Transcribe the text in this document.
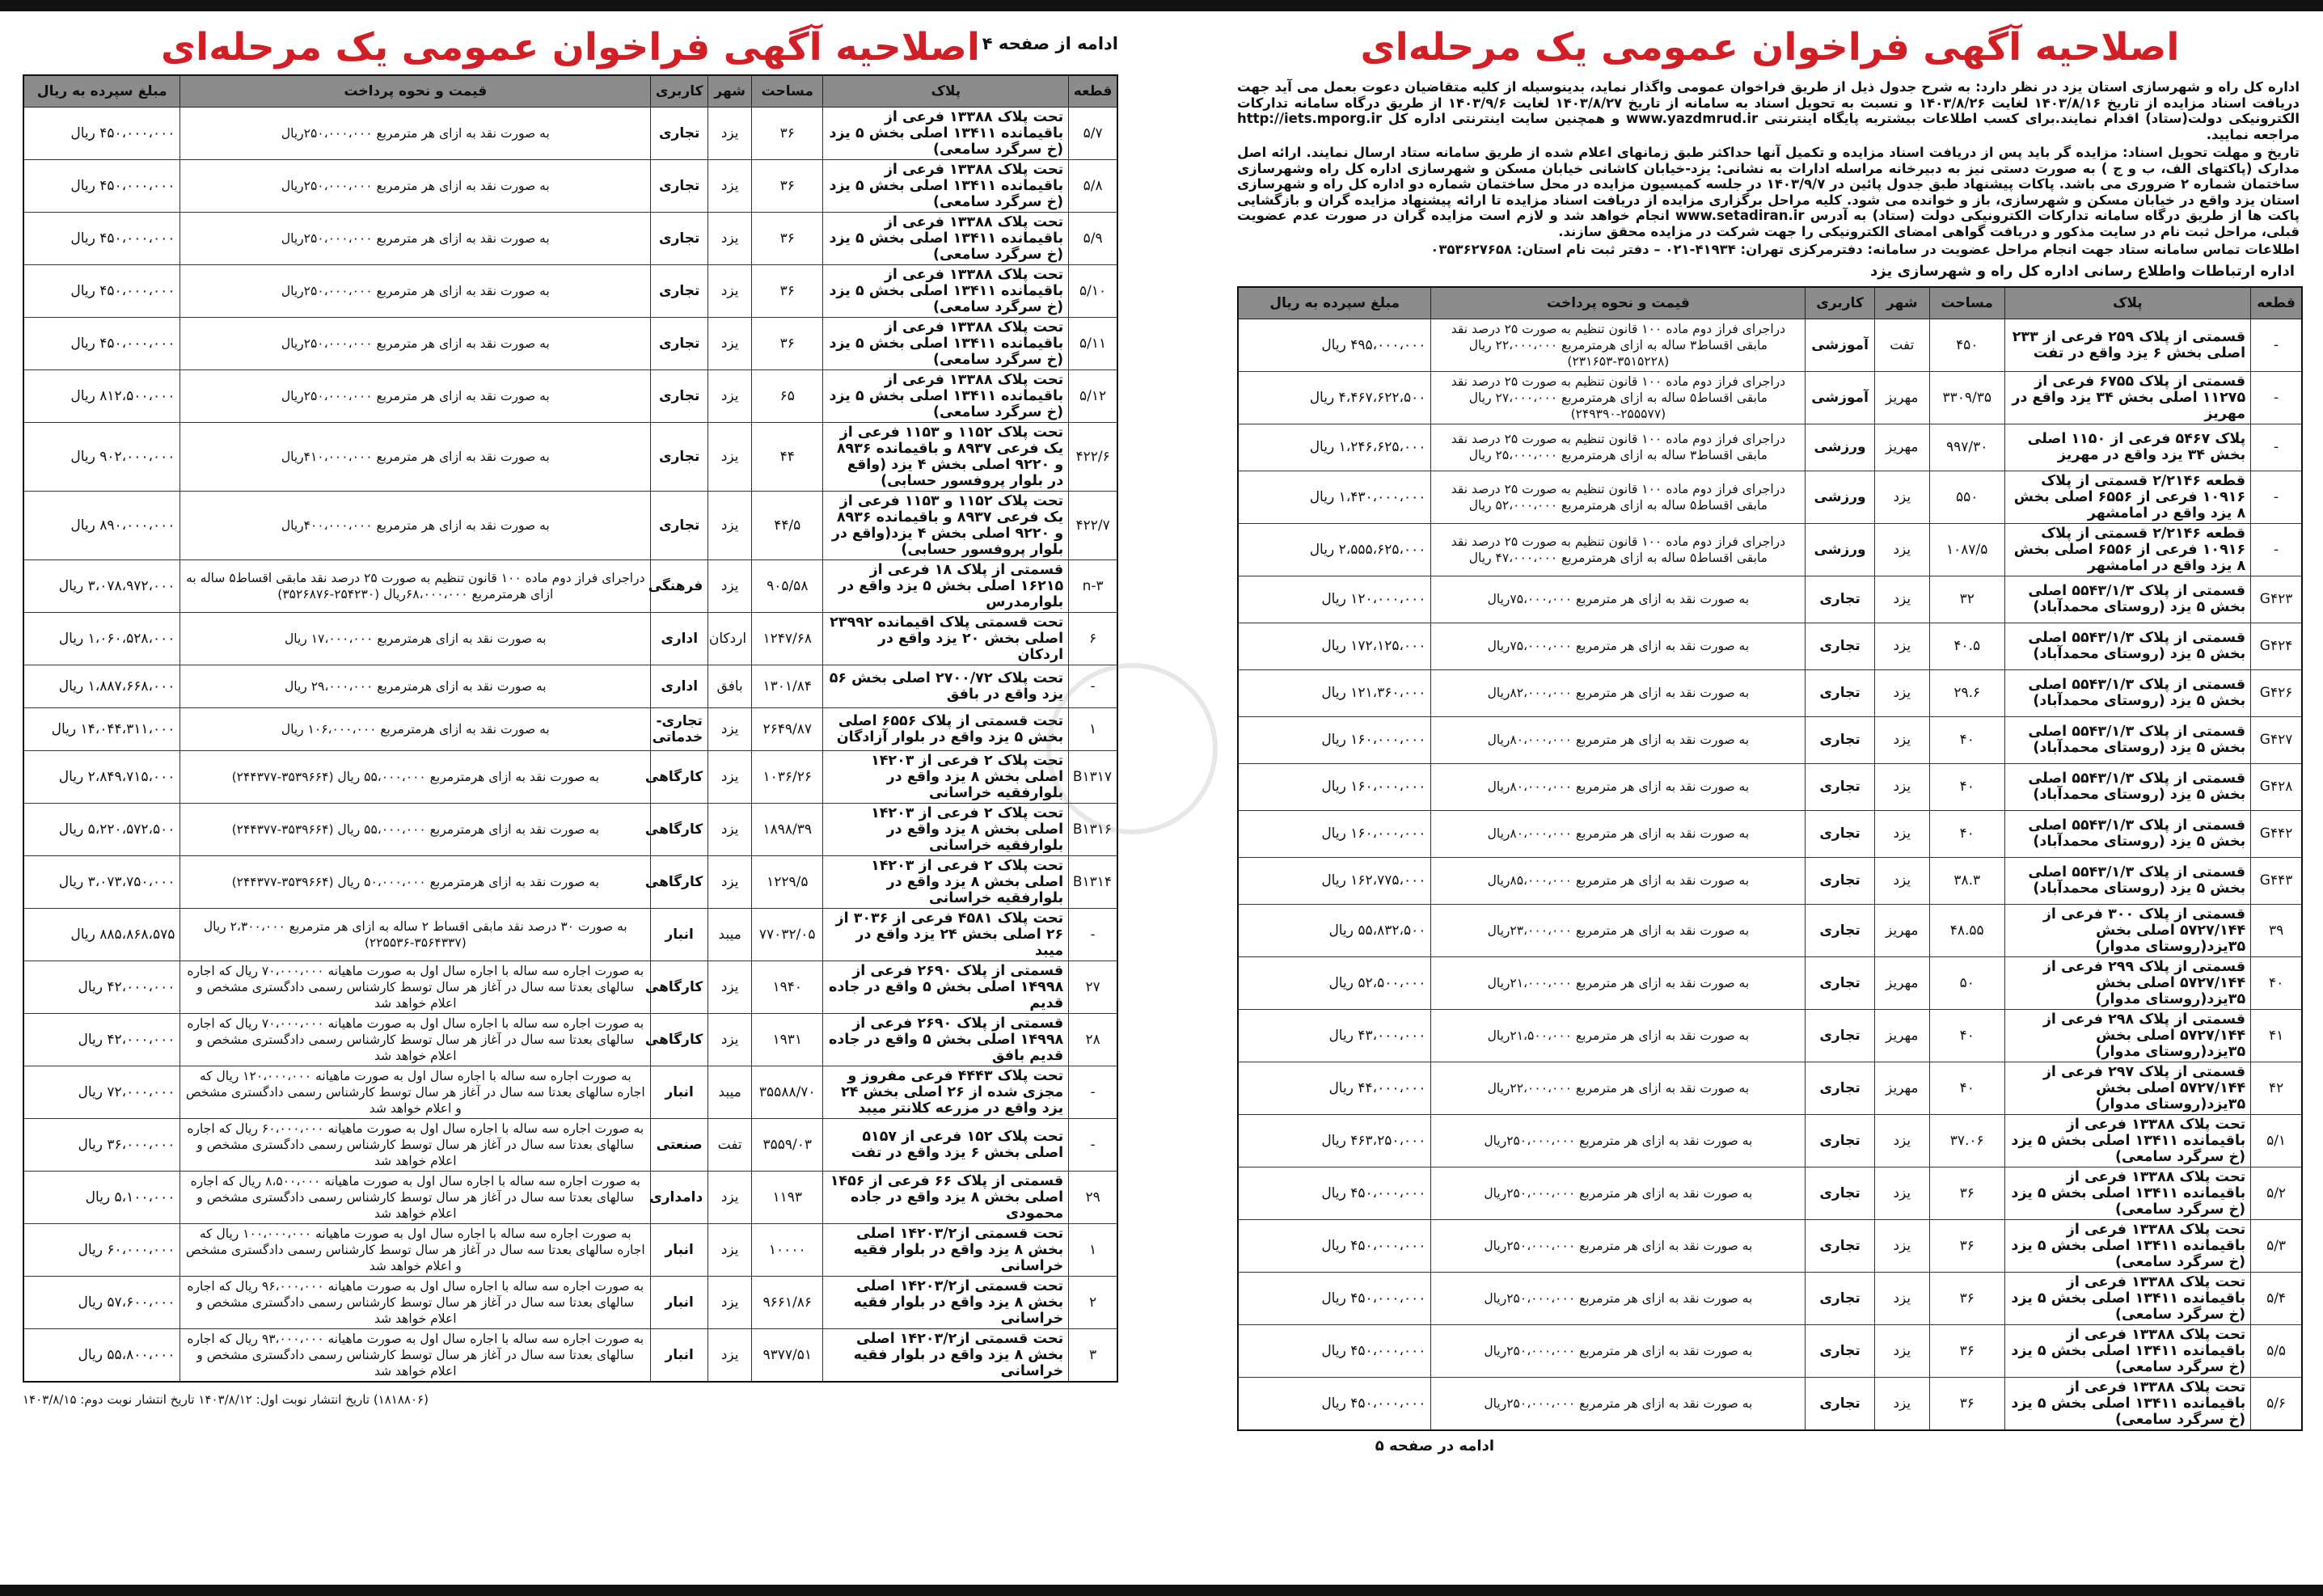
اصلاحیه آگهی فراخوان عمومی یک مرحله‌ای

اداره کل راه و شهرسازی استان یزد در نظر دارد: به شرح جدول ذیل از طریق فراخوان عمومی واگذار نماید، بدینوسیله از کلیه متقاضیان دعوت بعمل می آید جهت دریافت اسناد مزایده از تاریخ ۱۴۰۳/۸/۱۶ لغایت ۱۴۰۳/۸/۲۶ و نسبت به تحویل اسناد به سامانه از تاریخ ۱۴۰۳/۸/۲۷ لغایت ۱۴۰۳/۹/۶ از طریق درگاه سامانه تدارکات الکترونیکی دولت(ستاد) اقدام نمایند.برای کسب اطلاعات بیشتربه پایگاه اینترنتی www.yazdmrud.ir و همچنین سایت اینترنتی اداره کل http://iets.mporg.ir مراجعه نمایید.

تاریخ و مهلت تحویل اسناد: مزایده گر باید پس از دریافت اسناد مزایده و تکمیل آنها حداکثر طبق زمانهای اعلام شده از طریق سامانه ستاد ارسال نمایند. ارائه اصل مدارک (پاکتهای الف، ب و ج ) به صورت دستی نیز به دبیرخانه مراسله ادارات به نشانی: یزد-خیابان کاشانی خیابان مسکن و شهرسازی اداره کل راه وشهرسازی ساختمان شماره ۲ ضروری می باشد. پاکات پیشنهاد طبق جدول پائین در ۱۴۰۳/۹/۷ در جلسه کمیسیون مزایده در محل ساختمان شماره دو اداره کل راه و شهرسازی استان یزد واقع در خیابان مسکن و شهرسازی، باز و خوانده می شود. کلیه مراحل برگزاری مزایده از دریافت اسناد مزایده تا ارائه پیشنهاد مزایده گران و بازگشایی پاکت ها از طریق درگاه سامانه تدارکات الکترونیکی دولت (ستاد) به آدرس www.setadiran.ir انجام خواهد شد و لازم است مزایده گران در صورت عدم عضویت قبلی، مراحل ثبت نام در سایت مذکور و دریافت گواهی امضای الکترونیکی را جهت شرکت در مزایده محقق سازند.

اطلاعات تماس سامانه ستاد جهت انجام مراحل عضویت در سامانه: دفترمرکزی تهران: ۴۱۹۳۴-۰۲۱ – دفتر ثبت نام استان: ۰۳۵۳۶۲۷۶۵۸

اداره ارتباطات واطلاع رسانی اداره کل راه و شهرسازی یزد
قطعه	پلاک	مساحت	شهر	کاربری	قیمت و نحوه پرداخت	مبلغ سپرده به ریال
-	قسمتی از پلاک ۲۵۹ فرعی از ۲۳۳ اصلی بخش ۶ یزد واقع در تفت	۴۵۰	تفت	آموزشی	دراجرای فراز دوم ماده ۱۰۰ قانون تنظیم به صورت ۲۵ درصد نقد مابقی اقساط۳ ساله به ازای هرمترمربع ۲۲،۰۰۰،۰۰۰ ریال (۳۵۱۵۲۲۸-۲۳۱۶۵۳)	۴۹۵،۰۰۰،۰۰۰ ریال
-	قسمتی از پلاک ۶۷۵۵ فرعی از ۱۱۲۷۵ اصلی بخش ۳۴ یزد واقع در مهریز	۳۳۰۹/۳۵	مهریز	آموزشی	دراجرای فراز دوم ماده ۱۰۰ قانون تنظیم به صورت ۲۵ درصد نقد مابقی اقساط۵ ساله به ازای هرمترمربع ۲۷،۰۰۰،۰۰۰ ریال (۲۵۵۵۷۷-۲۴۹۳۹۰)	۴،۴۶۷،۶۲۲،۵۰۰ ریال
-	پلاک ۵۴۶۷ فرعی از ۱۱۵۰ اصلی بخش ۳۴ یزد واقع در مهریز	۹۹۷/۳۰	مهریز	ورزشی	دراجرای فراز دوم ماده ۱۰۰ قانون تنظیم به صورت ۲۵ درصد نقد مابقی اقساط۳ ساله به ازای هرمترمربع ۲۵،۰۰۰،۰۰۰ ریال	۱،۲۴۶،۶۲۵،۰۰۰ ریال
-	قطعه ۲/۲۱۴۶ قسمتی از پلاک ۱۰۹۱۶ فرعی از ۶۵۵۶ اصلی بخش ۸ یزد واقع در امامشهر	۵۵۰	یزد	ورزشی	دراجرای فراز دوم ماده ۱۰۰ قانون تنظیم به صورت ۲۵ درصد نقد مابقی اقساط۵ ساله به ازای هرمترمربع ۵۲،۰۰۰،۰۰۰ ریال	۱،۴۳۰،۰۰۰،۰۰۰ ریال
-	قطعه ۲/۲۱۴۶ قسمتی از پلاک ۱۰۹۱۶ فرعی از ۶۵۵۶ اصلی بخش ۸ یزد واقع در امامشهر	۱۰۸۷/۵	یزد	ورزشی	دراجرای فراز دوم ماده ۱۰۰ قانون تنظیم به صورت ۲۵ درصد نقد مابقی اقساط۵ ساله به ازای هرمترمربع ۴۷،۰۰۰،۰۰۰ ریال	۲،۵۵۵،۶۲۵،۰۰۰ ریال
G۴۲۳	قسمتی از پلاک ۵۵۴۳/۱/۳ اصلی بخش ۵ یزد (روستای محمدآباد)	۳۲	یزد	تجاری	به صورت نقد به ازای هر مترمربع ۷۵،۰۰۰،۰۰۰ریال	۱۲۰،۰۰۰،۰۰۰ ریال
G۴۲۴	قسمتی از پلاک ۵۵۴۳/۱/۳ اصلی بخش ۵ یزد (روستای محمدآباد)	۴۰.۵	یزد	تجاری	به صورت نقد به ازای هر مترمربع ۷۵،۰۰۰،۰۰۰ریال	۱۷۲،۱۲۵،۰۰۰ ریال
G۴۲۶	قسمتی از پلاک ۵۵۴۳/۱/۳ اصلی بخش ۵ یزد (روستای محمدآباد)	۲۹.۶	یزد	تجاری	به صورت نقد به ازای هر مترمربع ۸۲،۰۰۰،۰۰۰ریال	۱۲۱،۳۶۰،۰۰۰ ریال
G۴۲۷	قسمتی از پلاک ۵۵۴۳/۱/۳ اصلی بخش ۵ یزد (روستای محمدآباد)	۴۰	یزد	تجاری	به صورت نقد به ازای هر مترمربع ۸۰،۰۰۰،۰۰۰ریال	۱۶۰،۰۰۰،۰۰۰ ریال
G۴۲۸	قسمتی از پلاک ۵۵۴۳/۱/۳ اصلی بخش ۵ یزد (روستای محمدآباد)	۴۰	یزد	تجاری	به صورت نقد به ازای هر مترمربع ۸۰،۰۰۰،۰۰۰ریال	۱۶۰،۰۰۰،۰۰۰ ریال
G۴۴۲	قسمتی از پلاک ۵۵۴۳/۱/۳ اصلی بخش ۵ یزد (روستای محمدآباد)	۴۰	یزد	تجاری	به صورت نقد به ازای هر مترمربع ۸۰،۰۰۰،۰۰۰ریال	۱۶۰،۰۰۰،۰۰۰ ریال
G۴۴۳	قسمتی از پلاک ۵۵۴۳/۱/۳ اصلی بخش ۵ یزد (روستای محمدآباد)	۳۸.۳	یزد	تجاری	به صورت نقد به ازای هر مترمربع ۸۵،۰۰۰،۰۰۰ریال	۱۶۲،۷۷۵،۰۰۰ ریال
۳۹	قسمتی از پلاک ۳۰۰ فرعی از ۵۷۲۷/۱۴۴ اصلی بخش ۳۵یزد(روستای مدوار)	۴۸.۵۵	مهریز	تجاری	به صورت نقد به ازای هر مترمربع ۲۳،۰۰۰،۰۰۰ریال	۵۵،۸۳۲،۵۰۰ ریال
۴۰	قسمتی از پلاک ۲۹۹ فرعی از ۵۷۲۷/۱۴۴ اصلی بخش ۳۵یزد(روستای مدوار)	۵۰	مهریز	تجاری	به صورت نقد به ازای هر مترمربع ۲۱،۰۰۰،۰۰۰ریال	۵۲،۵۰۰،۰۰۰ ریال
۴۱	قسمتی از پلاک ۲۹۸ فرعی از ۵۷۲۷/۱۴۴ اصلی بخش ۳۵یزد(روستای مدوار)	۴۰	مهریز	تجاری	به صورت نقد به ازای هر مترمربع ۲۱،۵۰۰،۰۰۰ریال	۴۳،۰۰۰،۰۰۰ ریال
۴۲	قسمتی از پلاک ۲۹۷ فرعی از ۵۷۲۷/۱۴۴ اصلی بخش ۳۵یزد(روستای مدوار)	۴۰	مهریز	تجاری	به صورت نقد به ازای هر مترمربع ۲۲،۰۰۰،۰۰۰ریال	۴۴،۰۰۰،۰۰۰ ریال
۵/۱	تحت پلاک ۱۳۳۸۸ فرعی از باقیمانده ۱۳۴۱۱ اصلی بخش ۵ یزد (خ سرگرد سامعی)	۳۷.۰۶	یزد	تجاری	به صورت نقد به ازای هر مترمربع ۲۵۰،۰۰۰،۰۰۰ریال	۴۶۳،۲۵۰،۰۰۰ ریال
۵/۲	تحت پلاک ۱۳۳۸۸ فرعی از باقیمانده ۱۳۴۱۱ اصلی بخش ۵ یزد (خ سرگرد سامعی)	۳۶	یزد	تجاری	به صورت نقد به ازای هر مترمربع ۲۵۰،۰۰۰،۰۰۰ریال	۴۵۰،۰۰۰،۰۰۰ ریال
۵/۳	تحت پلاک ۱۳۳۸۸ فرعی از باقیمانده ۱۳۴۱۱ اصلی بخش ۵ یزد (خ سرگرد سامعی)	۳۶	یزد	تجاری	به صورت نقد به ازای هر مترمربع ۲۵۰،۰۰۰،۰۰۰ریال	۴۵۰،۰۰۰،۰۰۰ ریال
۵/۴	تحت پلاک ۱۳۳۸۸ فرعی از باقیمانده ۱۳۴۱۱ اصلی بخش ۵ یزد (خ سرگرد سامعی)	۳۶	یزد	تجاری	به صورت نقد به ازای هر مترمربع ۲۵۰،۰۰۰،۰۰۰ریال	۴۵۰،۰۰۰،۰۰۰ ریال
۵/۵	تحت پلاک ۱۳۳۸۸ فرعی از باقیمانده ۱۳۴۱۱ اصلی بخش ۵ یزد (خ سرگرد سامعی)	۳۶	یزد	تجاری	به صورت نقد به ازای هر مترمربع ۲۵۰،۰۰۰،۰۰۰ریال	۴۵۰،۰۰۰،۰۰۰ ریال
۵/۶	تحت پلاک ۱۳۳۸۸ فرعی از باقیمانده ۱۳۴۱۱ اصلی بخش ۵ یزد (خ سرگرد سامعی)	۳۶	یزد	تجاری	به صورت نقد به ازای هر مترمربع ۲۵۰،۰۰۰،۰۰۰ریال	۴۵۰،۰۰۰،۰۰۰ ریال
ادامه در صفحه ۵
اصلاحیه آگهی فراخوان عمومی یک مرحله‌ای ادامه از صفحه ۴
قطعه	پلاک	مساحت	شهر	کاربری	قیمت و نحوه پرداخت	مبلغ سپرده به ریال
۵/۷	تحت پلاک ۱۳۳۸۸ فرعی از باقیمانده ۱۳۴۱۱ اصلی بخش ۵ یزد (خ سرگرد سامعی)	۳۶	یزد	تجاری	به صورت نقد به ازای هر مترمربع ۲۵۰،۰۰۰،۰۰۰ریال	۴۵۰،۰۰۰،۰۰۰ ریال
۵/۸	تحت پلاک ۱۳۳۸۸ فرعی از باقیمانده ۱۳۴۱۱ اصلی بخش ۵ یزد (خ سرگرد سامعی)	۳۶	یزد	تجاری	به صورت نقد به ازای هر مترمربع ۲۵۰،۰۰۰،۰۰۰ریال	۴۵۰،۰۰۰،۰۰۰ ریال
۵/۹	تحت پلاک ۱۳۳۸۸ فرعی از باقیمانده ۱۳۴۱۱ اصلی بخش ۵ یزد (خ سرگرد سامعی)	۳۶	یزد	تجاری	به صورت نقد به ازای هر مترمربع ۲۵۰،۰۰۰،۰۰۰ریال	۴۵۰،۰۰۰،۰۰۰ ریال
۵/۱۰	تحت پلاک ۱۳۳۸۸ فرعی از باقیمانده ۱۳۴۱۱ اصلی بخش ۵ یزد (خ سرگرد سامعی)	۳۶	یزد	تجاری	به صورت نقد به ازای هر مترمربع ۲۵۰،۰۰۰،۰۰۰ریال	۴۵۰،۰۰۰،۰۰۰ ریال
۵/۱۱	تحت پلاک ۱۳۳۸۸ فرعی از باقیمانده ۱۳۴۱۱ اصلی بخش ۵ یزد (خ سرگرد سامعی)	۳۶	یزد	تجاری	به صورت نقد به ازای هر مترمربع ۲۵۰،۰۰۰،۰۰۰ریال	۴۵۰،۰۰۰،۰۰۰ ریال
۵/۱۲	تحت پلاک ۱۳۳۸۸ فرعی از باقیمانده ۱۳۴۱۱ اصلی بخش ۵ یزد (خ سرگرد سامعی)	۶۵	یزد	تجاری	به صورت نقد به ازای هر مترمربع ۲۵۰،۰۰۰،۰۰۰ریال	۸۱۲،۵۰۰،۰۰۰ ریال
۴۲۲/۶	تحت پلاک ۱۱۵۲ و ۱۱۵۳ فرعی از یک فرعی ۸۹۳۷ و باقیمانده ۸۹۳۶ و ۹۲۲۰ اصلی بخش ۴ یزد (واقع در بلوار پروفسور حسابی)	۴۴	یزد	تجاری	به صورت نقد به ازای هر مترمربع ۴۱۰،۰۰۰،۰۰۰ریال	۹۰۲،۰۰۰،۰۰۰ ریال
۴۲۲/۷	تحت پلاک ۱۱۵۲ و ۱۱۵۳ فرعی از یک فرعی ۸۹۳۷ و باقیمانده ۸۹۳۶ و ۹۲۲۰ اصلی بخش ۴ یزد(واقع در بلوار پروفسور حسابی)	۴۴/۵	یزد	تجاری	به صورت نقد به ازای هر مترمربع ۴۰۰،۰۰۰،۰۰۰ریال	۸۹۰،۰۰۰،۰۰۰ ریال
n-۳	قسمتی از پلاک ۱۸ فرعی از ۱۶۲۱۵ اصلی بخش ۵ یزد واقع در بلوارمدرس	۹۰۵/۵۸	یزد	فرهنگی	دراجرای فراز دوم ماده ۱۰۰ قانون تنظیم به صورت ۲۵ درصد نقد مابقی اقساط۵ ساله به ازای هرمترمربع ۶۸،۰۰۰،۰۰۰ریال (۲۵۴۲۳۰-۳۵۲۶۸۷۶)	۳،۰۷۸،۹۷۲،۰۰۰ ریال
۶	تحت قسمتی پلاک اقیمانده ۲۳۹۹۲ اصلی بخش ۲۰ یزد واقع در اردکان	۱۲۴۷/۶۸	اردکان	اداری	به صورت نقد به ازای هرمترمربع ۱۷،۰۰۰،۰۰۰ ریال	۱،۰۶۰،۵۲۸،۰۰۰ ریال
-	تحت پلاک ۲۷۰۰/۷۲ اصلی بخش ۵۶ یزد واقع در بافق	۱۳۰۱/۸۴	بافق	اداری	به صورت نقد به ازای هرمترمربع ۲۹،۰۰۰،۰۰۰ ریال	۱،۸۸۷،۶۶۸،۰۰۰ ریال
۱	تحت قسمتی از پلاک ۶۵۵۶ اصلی بخش ۵ یزد واقع در بلوار آزادگان	۲۶۴۹/۸۷	یزد	تجاری-خدماتی	به صورت نقد به ازای هرمترمربع ۱۰۶،۰۰۰،۰۰۰ ریال	۱۴،۰۴۴،۳۱۱،۰۰۰ ریال
B۱۳۱۷	تحت پلاک ۲ فرعی از ۱۴۲۰۳ اصلی بخش ۸ یزد واقع در بلوارفقیه خراسانی	۱۰۳۶/۲۶	یزد	کارگاهی	به صورت نقد به ازای هرمترمربع ۵۵،۰۰۰،۰۰۰ ریال (۳۵۳۹۶۶۴-۲۴۴۳۷۷)	۲،۸۴۹،۷۱۵،۰۰۰ ریال
B۱۳۱۶	تحت پلاک ۲ فرعی از ۱۴۲۰۳ اصلی بخش ۸ یزد واقع در بلوارفقیه خراسانی	۱۸۹۸/۳۹	یزد	کارگاهی	به صورت نقد به ازای هرمترمربع ۵۵،۰۰۰،۰۰۰ ریال (۳۵۳۹۶۶۴-۲۴۴۳۷۷)	۵،۲۲۰،۵۷۲،۵۰۰ ریال
B۱۳۱۴	تحت پلاک ۲ فرعی از ۱۴۲۰۳ اصلی بخش ۸ یزد واقع در بلوارفقیه خراسانی	۱۲۲۹/۵	یزد	کارگاهی	به صورت نقد به ازای هرمترمربع ۵۰،۰۰۰،۰۰۰ ریال (۳۵۳۹۶۶۴-۲۴۴۳۷۷)	۳،۰۷۳،۷۵۰،۰۰۰ ریال
-	تحت پلاک ۴۵۸۱ فرعی از ۳۰۳۶ از ۲۶ اصلی بخش ۲۴ یزد واقع در میبد	۷۷۰۳۲/۰۵	میبد	انبار	به صورت ۳۰ درصد نقد مابقی اقساط ۲ ساله به ازای هر مترمربع ۲،۳۰۰،۰۰۰ ریال (۳۵۶۴۳۳۷-۲۲۵۵۳۶)	۸۸۵،۸۶۸،۵۷۵ ریال
۲۷	قسمتی از پلاک ۲۶۹۰ فرعی از ۱۴۹۹۸ اصلی بخش ۵ واقع در جاده قدیم	۱۹۴۰	یزد	کارگاهی	به صورت اجاره سه ساله با اجاره سال اول به صورت ماهیانه ۷۰،۰۰۰،۰۰۰ ریال که اجاره سالهای بعدتا سه سال در آغاز هر سال توسط کارشناس رسمی دادگستری مشخص و اعلام خواهد شد	۴۲،۰۰۰،۰۰۰ ریال
۲۸	قسمتی از پلاک ۲۶۹۰ فرعی از ۱۴۹۹۸ اصلی بخش ۵ واقع در جاده قدیم بافق	۱۹۳۱	یزد	کارگاهی	به صورت اجاره سه ساله با اجاره سال اول به صورت ماهیانه ۷۰،۰۰۰،۰۰۰ ریال که اجاره سالهای بعدتا سه سال در آغاز هر سال توسط کارشناس رسمی دادگستری مشخص و اعلام خواهد شد	۴۲،۰۰۰،۰۰۰ ریال
-	تحت پلاک ۴۴۴۳ فرعی مفروز و مجزی شده از ۲۶ اصلی بخش ۲۴ یزد واقع در مزرعه کلانتر میبد	۳۵۵۸۸/۷۰	میبد	انبار	به صورت اجاره سه ساله با اجاره سال اول به صورت ماهیانه ۱۲۰،۰۰۰،۰۰۰ ریال که اجاره سالهای بعدتا سه سال در آغاز هر سال توسط کارشناس رسمی دادگستری مشخص و اعلام خواهد شد	۷۲،۰۰۰،۰۰۰ ریال
-	تحت پلاک ۱۵۲ فرعی از ۵۱۵۷ اصلی بخش ۶ یزد واقع در تفت	۳۵۵۹/۰۳	تفت	صنعتی	به صورت اجاره سه ساله با اجاره سال اول به صورت ماهیانه ۶۰،۰۰۰،۰۰۰ ریال که اجاره سالهای بعدتا سه سال در آغاز هر سال توسط کارشناس رسمی دادگستری مشخص و اعلام خواهد شد	۳۶،۰۰۰،۰۰۰ ریال
۲۹	قسمتی از پلاک ۶۶ فرعی از ۱۴۵۶ اصلی بخش ۸ یزد واقع در جاده محمودی	۱۱۹۳	یزد	دامداری	به صورت اجاره سه ساله با اجاره سال اول به صورت ماهیانه ۸،۵۰۰،۰۰۰ ریال که اجاره سالهای بعدتا سه سال در آغاز هر سال توسط کارشناس رسمی دادگستری مشخص و اعلام خواهد شد	۵،۱۰۰،۰۰۰ ریال
۱	تحت قسمتی از۱۴۲۰۳/۲ اصلی بخش ۸ یزد واقع در بلوار فقیه خراسانی	۱۰۰۰۰	یزد	انبار	به صورت اجاره سه ساله با اجاره سال اول به صورت ماهیانه ۱۰۰،۰۰۰،۰۰۰ ریال که اجاره سالهای بعدتا سه سال در آغاز هر سال توسط کارشناس رسمی دادگستری مشخص و اعلام خواهد شد	۶۰،۰۰۰،۰۰۰ ریال
۲	تحت قسمتی از۱۴۲۰۳/۲ اصلی بخش ۸ یزد واقع در بلوار فقیه خراسانی	۹۶۶۱/۸۶	یزد	انبار	به صورت اجاره سه ساله با اجاره سال اول به صورت ماهیانه ۹۶،۰۰۰،۰۰۰ ریال که اجاره سالهای بعدتا سه سال در آغاز هر سال توسط کارشناس رسمی دادگستری مشخص و اعلام خواهد شد	۵۷،۶۰۰،۰۰۰ ریال
۳	تحت قسمتی از۱۴۲۰۳/۲ اصلی بخش ۸ یزد واقع در بلوار فقیه خراسانی	۹۳۷۷/۵۱	یزد	انبار	به صورت اجاره سه ساله با اجاره سال اول به صورت ماهیانه ۹۳،۰۰۰،۰۰۰ ریال که اجاره سالهای بعدتا سه سال در آغاز هر سال توسط کارشناس رسمی دادگستری مشخص و اعلام خواهد شد	۵۵،۸۰۰،۰۰۰ ریال
(۱۸۱۸۸۰۶) تاریخ انتشار نوبت اول: ۱۴۰۳/۸/۱۲ تاریخ انتشار نوبت دوم: ۱۴۰۳/۸/۱۵
